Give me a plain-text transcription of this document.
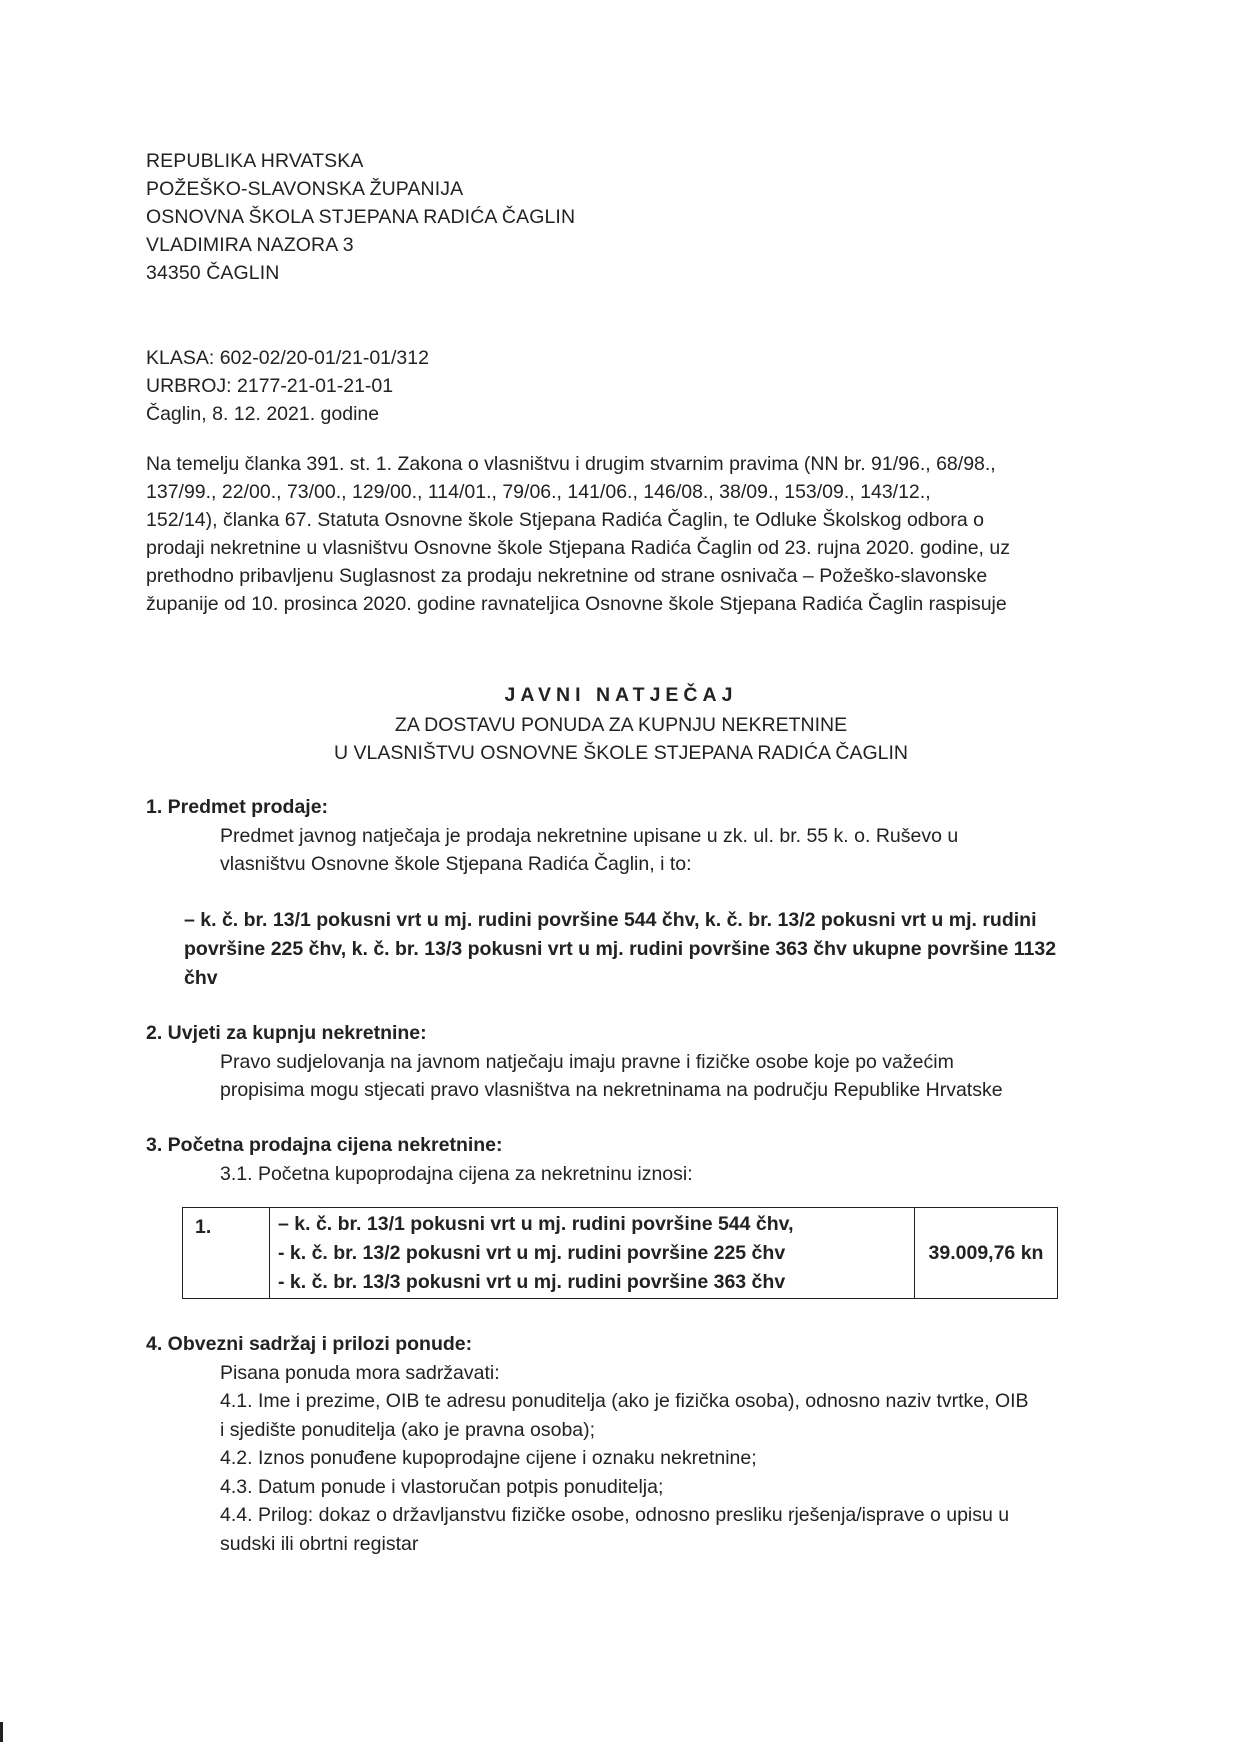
REPUBLIKA HRVATSKA
POŽEŠKO-SLAVONSKA ŽUPANIJA
OSNOVNA ŠKOLA STJEPANA RADIĆA ČAGLIN
VLADIMIRA NAZORA 3
34350 ČAGLIN
KLASA: 602-02/20-01/21-01/312
URBROJ: 2177-21-01-21-01
Čaglin, 8. 12. 2021. godine
Na temelju članka 391. st. 1. Zakona o vlasništvu i drugim stvarnim pravima (NN br. 91/96., 68/98.,
137/99., 22/00., 73/00., 129/00., 114/01., 79/06., 141/06., 146/08., 38/09., 153/09., 143/12.,
152/14), članka 67. Statuta Osnovne škole Stjepana Radića Čaglin, te Odluke Školskog odbora o
prodaji nekretnine u vlasništvu Osnovne škole Stjepana Radića Čaglin od 23. rujna 2020. godine, uz
prethodno pribavljenu Suglasnost za prodaju nekretnine od strane osnivača – Požeško-slavonske
županije od 10. prosinca 2020. godine ravnateljica Osnovne škole Stjepana Radića Čaglin raspisuje
JAVNI NATJEČAJ
ZA DOSTAVU PONUDA ZA KUPNJU NEKRETNINE
U VLASNIŠTVU OSNOVNE ŠKOLE STJEPANA RADIĆA ČAGLIN
1. Predmet prodaje:
Predmet javnog natječaja je prodaja nekretnine upisane u zk. ul. br. 55 k. o. Ruševo u
vlasništvu Osnovne škole Stjepana Radića Čaglin, i to:
– k. č. br. 13/1 pokusni vrt u mj. rudini površine 544 čhv, k. č. br. 13/2 pokusni vrt u mj. rudini
površine 225 čhv, k. č. br. 13/3 pokusni vrt u mj. rudini površine 363 čhv ukupne površine 1132
čhv
2. Uvjeti za kupnju nekretnine:
Pravo sudjelovanja na javnom natječaju imaju pravne i fizičke osobe koje po važećim
propisima mogu stjecati pravo vlasništva na nekretninama na području Republike Hrvatske
3. Početna prodajna cijena nekretnine:
3.1. Početna kupoprodajna cijena za nekretninu iznosi:
1.	– k. č. br. 13/1 pokusni vrt u mj. rudini površine 544 čhv,
- k. č. br. 13/2 pokusni vrt u mj. rudini površine 225 čhv
- k. č. br. 13/3 pokusni vrt u mj. rudini površine 363 čhv
	39.009,76 kn
4. Obvezni sadržaj i prilozi ponude:
Pisana ponuda mora sadržavati:
4.1. Ime i prezime, OIB te adresu ponuditelja (ako je fizička osoba), odnosno naziv tvrtke, OIB
i sjedište ponuditelja (ako je pravna osoba);
4.2. Iznos ponuđene kupoprodajne cijene i oznaku nekretnine;
4.3. Datum ponude i vlastoručan potpis ponuditelja;
4.4. Prilog: dokaz o državljanstvu fizičke osobe, odnosno presliku rješenja/isprave o upisu u
sudski ili obrtni registar
